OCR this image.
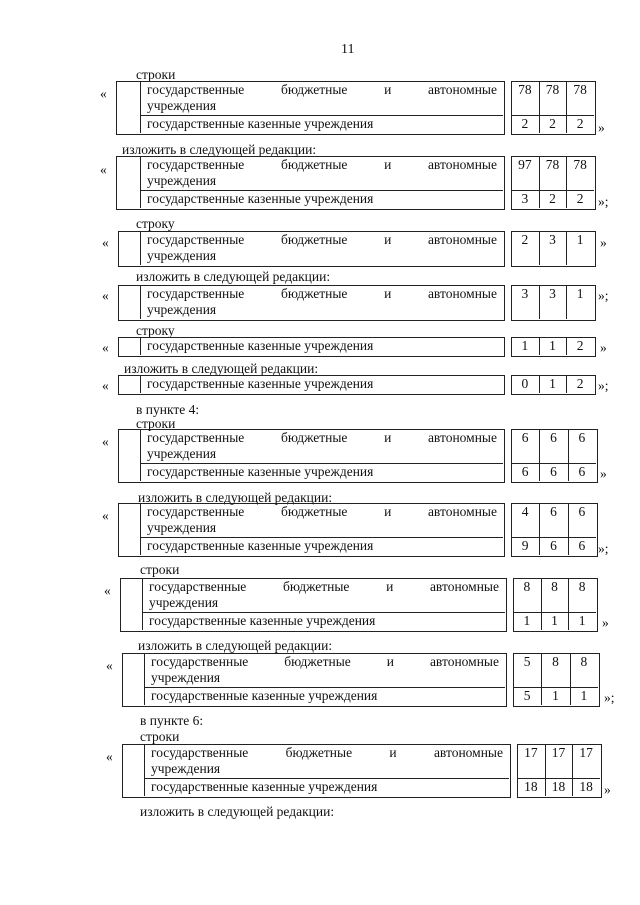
11
строки
изложить в следующей редакции:
строку
изложить в следующей редакции:
строку
изложить в следующей редакции:
в пункте 4:
строки
изложить в следующей редакции:
строки
изложить в следующей редакции:
в пункте 6:
строки
изложить в следующей редакции:
государственные бюджетные и автономные
учреждения
78	78	78
государственные казенные учреждения	2	2	2
«
»
государственные бюджетные и автономные
учреждения
97	78	78
государственные казенные учреждения	3	2	2
«
»;
государственные бюджетные и автономные
учреждения
2	3	1
«	»
государственные бюджетные и автономные
учреждения
3	3	1
«	»;
государственные казенные учреждения	1	1	2
«	»
государственные казенные учреждения	0	1	2
«	»;
государственные бюджетные и автономные
учреждения
6	6	6
государственные казенные учреждения	6	6	6
«
»
государственные бюджетные и автономные
учреждения
4	6	6
государственные казенные учреждения	9	6	6
«
»;
государственные бюджетные и автономные
учреждения
8	8	8
государственные казенные учреждения	1	1	1
«
»
государственные бюджетные и автономные
учреждения
5	8	8
государственные казенные учреждения	5	1	1
«
»;
государственные бюджетные и автономные
учреждения
17	17	17
государственные казенные учреждения	18	18	18
«
»
